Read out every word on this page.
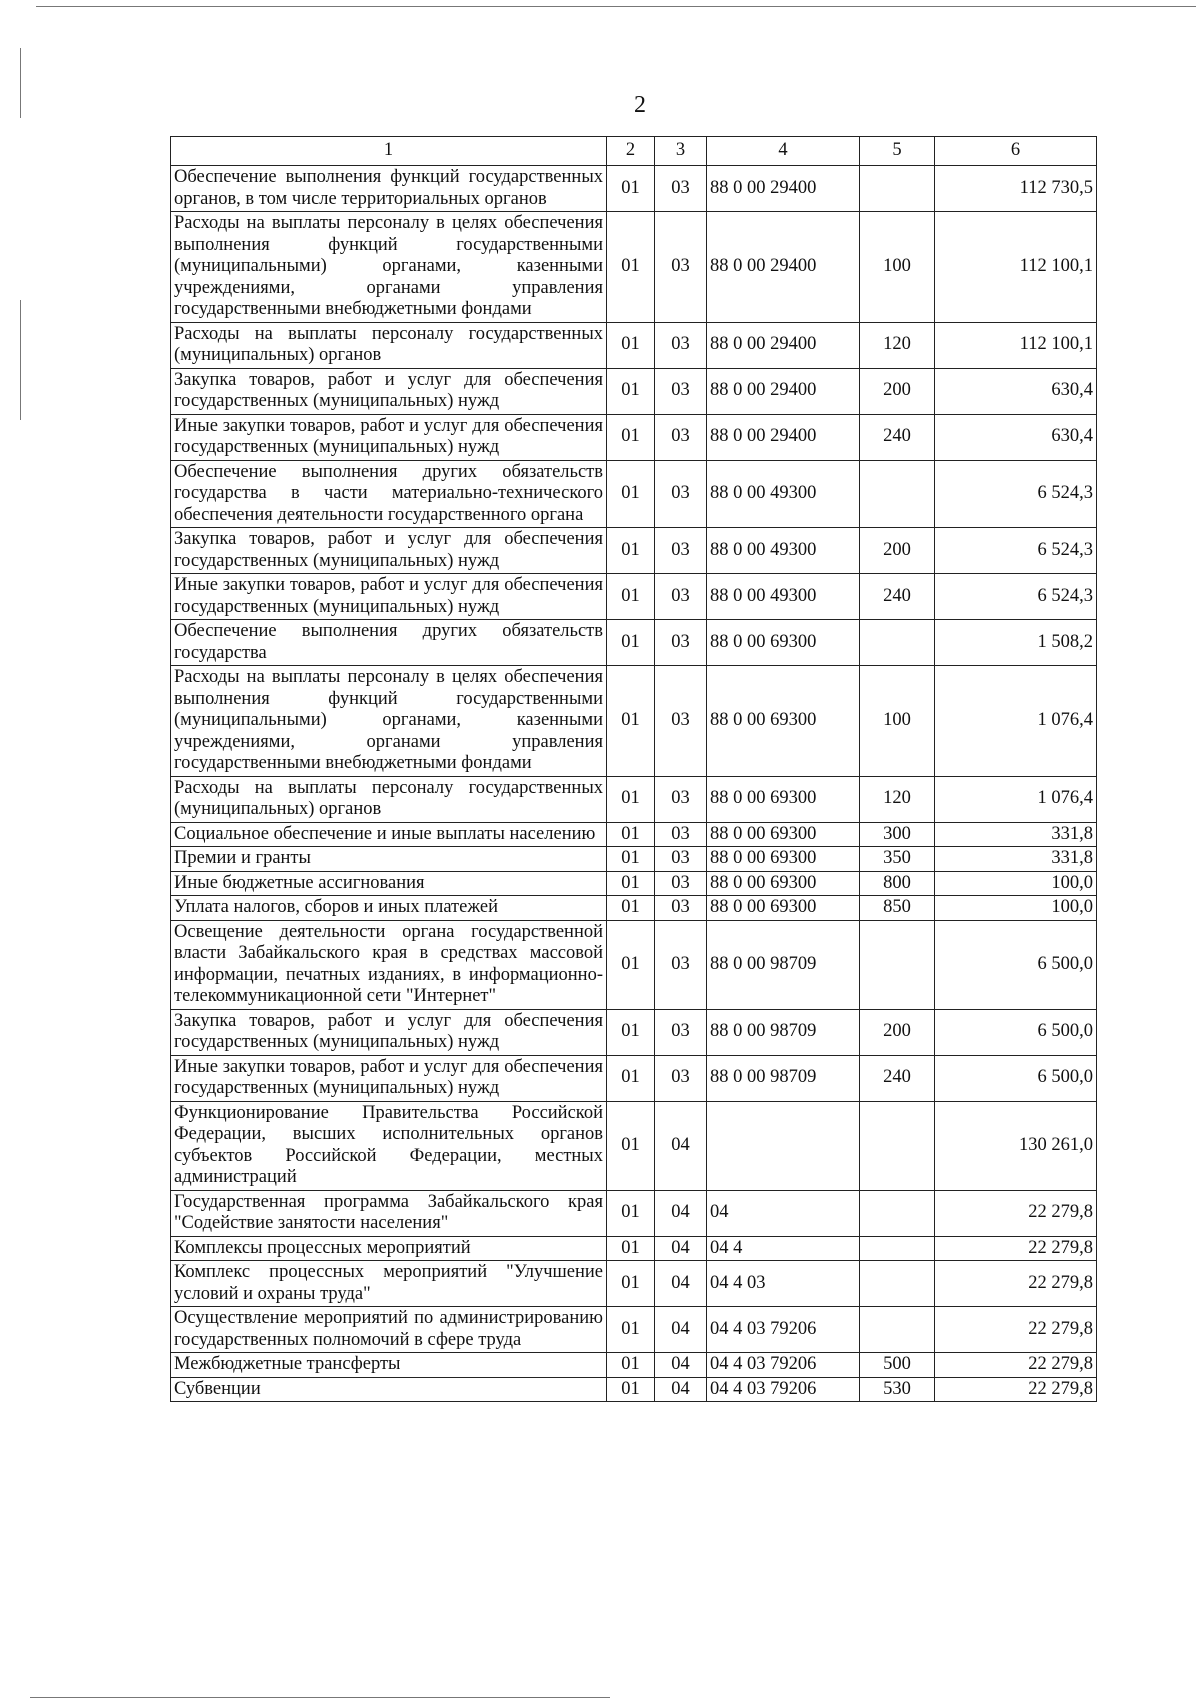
2
1	2	3	4	5	6
Обеспечение выполнения функций государственных органов, в том числе территориальных органов	01	03	88 0 00 29400		112 730,5
Расходы на выплаты персоналу в целях обеспечения выполнения функций государственными (муниципальными) органами, казенными учреждениями, органами управления государственными внебюджетными фондами	01	03	88 0 00 29400	100	112 100,1
Расходы на выплаты персоналу государственных (муниципальных) органов	01	03	88 0 00 29400	120	112 100,1
Закупка товаров, работ и услуг для обеспечения государственных (муниципальных) нужд	01	03	88 0 00 29400	200	630,4
Иные закупки товаров, работ и услуг для обеспечения государственных (муниципальных) нужд	01	03	88 0 00 29400	240	630,4
Обеспечение выполнения других обязательств государства в части материально-технического обеспечения деятельности государственного органа	01	03	88 0 00 49300		6 524,3
Закупка товаров, работ и услуг для обеспечения государственных (муниципальных) нужд	01	03	88 0 00 49300	200	6 524,3
Иные закупки товаров, работ и услуг для обеспечения государственных (муниципальных) нужд	01	03	88 0 00 49300	240	6 524,3
Обеспечение выполнения других обязательств государства	01	03	88 0 00 69300		1 508,2
Расходы на выплаты персоналу в целях обеспечения выполнения функций государственными (муниципальными) органами, казенными учреждениями, органами управления государственными внебюджетными фондами	01	03	88 0 00 69300	100	1 076,4
Расходы на выплаты персоналу государственных (муниципальных) органов	01	03	88 0 00 69300	120	1 076,4
Социальное обеспечение и иные выплаты населению	01	03	88 0 00 69300	300	331,8
Премии и гранты	01	03	88 0 00 69300	350	331,8
Иные бюджетные ассигнования	01	03	88 0 00 69300	800	100,0
Уплата налогов, сборов и иных платежей	01	03	88 0 00 69300	850	100,0
Освещение деятельности органа государственной власти Забайкальского края в средствах массовой информации, печатных изданиях, в информационно-телекоммуникационной сети "Интернет"	01	03	88 0 00 98709		6 500,0
Закупка товаров, работ и услуг для обеспечения государственных (муниципальных) нужд	01	03	88 0 00 98709	200	6 500,0
Иные закупки товаров, работ и услуг для обеспечения государственных (муниципальных) нужд	01	03	88 0 00 98709	240	6 500,0
Функционирование Правительства Российской Федерации, высших исполнительных органов субъектов Российской Федерации, местных администраций	01	04			130 261,0
Государственная программа Забайкальского края "Содействие занятости населения"	01	04	04		22 279,8
Комплексы процессных мероприятий	01	04	04 4		22 279,8
Комплекс процессных мероприятий "Улучшение условий и охраны труда"	01	04	04 4 03		22 279,8
Осуществление мероприятий по администрированию государственных полномочий в сфере труда	01	04	04 4 03 79206		22 279,8
Межбюджетные трансферты	01	04	04 4 03 79206	500	22 279,8
Субвенции	01	04	04 4 03 79206	530	22 279,8
